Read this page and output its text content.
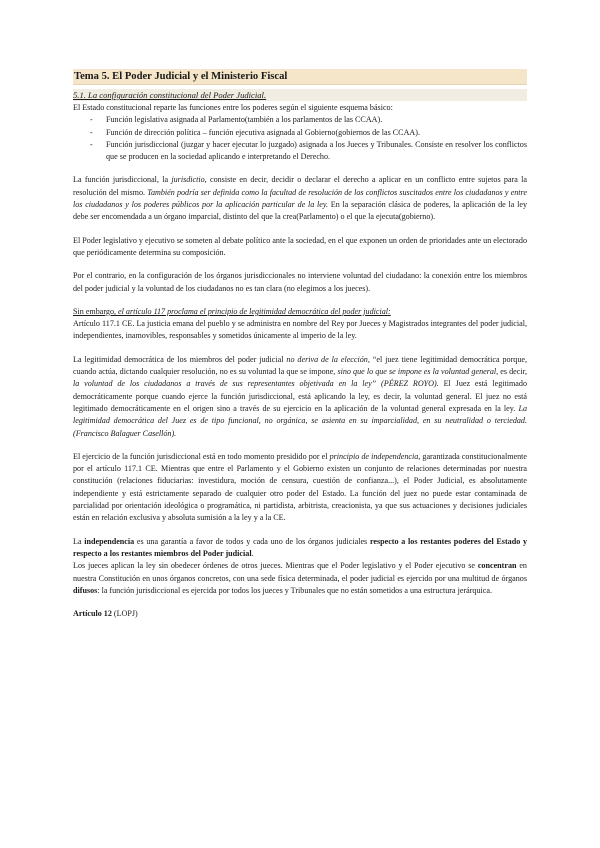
Tema 5. El Poder Judicial y el Ministerio Fiscal
5.1. La configuración constitucional del Poder Judicial.

El Estado constitucional reparte las funciones entre los poderes según el siguiente esquema básico:

- Función legislativa asignada al Parlamento(también a los parlamentos de las CCAA).
- Función de dirección política – función ejecutiva asignada al Gobierno(gobiernos de las CCAA).
- Función jurisdiccional (juzgar y hacer ejecutar lo juzgado) asignada a los Jueces y Tribunales. Consiste en resolver los conflictos que se producen en la sociedad aplicando e interpretando el Derecho.

La función jurisdiccional, la jurisdictio, consiste en decir, decidir o declarar el derecho a aplicar en un conflicto entre sujetos para la resolución del mismo. También podría ser definida como la facultad de resolución de los conflictos suscitados entre los ciudadanos y entre los ciudadanos y los poderes públicos por la aplicación particular de la ley. En la separación clásica de poderes, la aplicación de la ley debe ser encomendada a un órgano imparcial, distinto del que la crea(Parlamento) o el que la ejecuta(gobierno).

El Poder legislativo y ejecutivo se someten al debate político ante la sociedad, en el que exponen un orden de prioridades ante un electorado que periódicamente determina su composición.

Por el contrario, en la configuración de los órganos jurisdiccionales no interviene voluntad del ciudadano: la conexión entre los miembros del poder judicial y la voluntad de los ciudadanos no es tan clara (no elegimos a los jueces).

Sin embargo, el artículo 117 proclama el principio de legitimidad democrática del poder judicial:

Artículo 117.1 CE. La justicia emana del pueblo y se administra en nombre del Rey por Jueces y Magistrados integrantes del poder judicial, independientes, inamovibles, responsables y sometidos únicamente al imperio de la ley.

La legitimidad democrática de los miembros del poder judicial no deriva de la elección, “el juez tiene legitimidad democrática porque, cuando actúa, dictando cualquier resolución, no es su voluntad la que se impone, sino que lo que se impone es la voluntad general, es decir, la voluntad de los ciudadanos a través de sus representantes objetivada en la ley” (PÉREZ ROYO). El Juez está legitimado democráticamente porque cuando ejerce la función jurisdiccional, está aplicando la ley, es decir, la voluntad general. El juez no está legitimado democráticamente en el origen sino a través de su ejercicio en la aplicación de la voluntad general expresada en la ley. La legitimidad democrática del Juez es de tipo funcional, no orgánica, se asienta en su imparcialidad, en su neutralidad o terciedad. (Francisco Balaguer Casellón).

El ejercicio de la función jurisdiccional está en todo momento presidido por el principio de independencia, garantizada constitucionalmente por el artículo 117.1 CE. Mientras que entre el Parlamento y el Gobierno existen un conjunto de relaciones determinadas por nuestra constitución (relaciones fiduciarias: investidura, moción de censura, cuestión de confianza...), el Poder Judicial, es absolutamente independiente y está estrictamente separado de cualquier otro poder del Estado. La función del juez no puede estar contaminada de parcialidad por orientación ideológica o programática, ni partidista, arbitrista, creacionista, ya que sus actuaciones y decisiones judiciales están en relación exclusiva y absoluta sumisión a la ley y a la CE.

La independencia es una garantía a favor de todos y cada uno de los órganos judiciales respecto a los restantes poderes del Estado y respecto a los restantes miembros del Poder judicial.

Los jueces aplican la ley sin obedecer órdenes de otros jueces. Mientras que el Poder legislativo y el Poder ejecutivo se concentran en nuestra Constitución en unos órganos concretos, con una sede física determinada, el poder judicial es ejercido por una multitud de órganos difusos: la función jurisdiccional es ejercida por todos los jueces y Tribunales que no están sometidos a una estructura jerárquica.

Artículo 12 (LOPJ)
